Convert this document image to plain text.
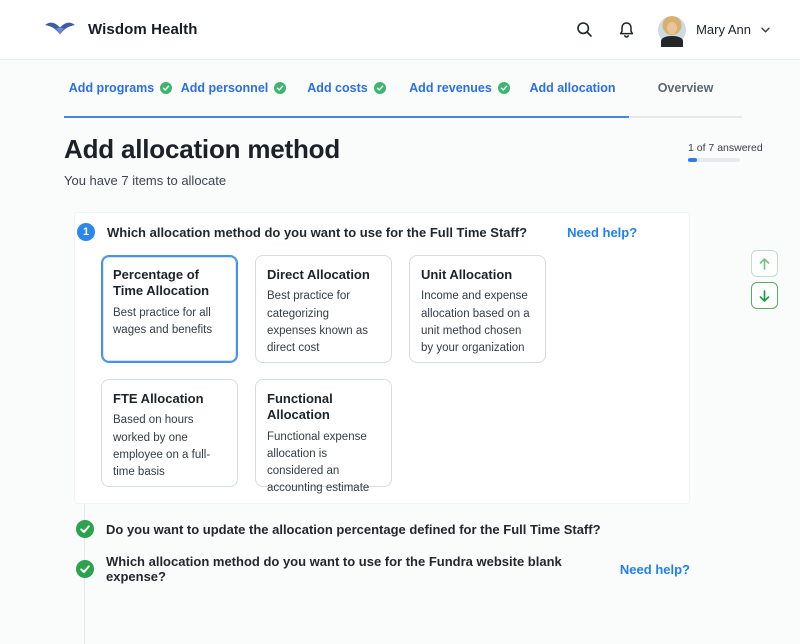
Wisdom Health	Mary Ann
Add programs Add personnel	Add costs	Add revenues	Add allocation	Overview
Add allocation method
You have 7 items to allocate
1 of 7 answered
1	Which allocation method do you want to use for the Full Time Staff?	Need help?
Percentage of Time Allocation
Best practice for all wages and benefits
Direct Allocation
Best practice for categorizing expenses known as direct cost
Unit Allocation
Income and expense allocation based on a unit method chosen by your organization
FTE Allocation
Based on hours worked by one employee on a full-time basis
Functional Allocation
Functional expense allocation is considered an accounting estimate
Do you want to update the allocation percentage defined for the Full Time Staff?
Which allocation method do you want to use for the Fundra website blank expense?	Need help?
